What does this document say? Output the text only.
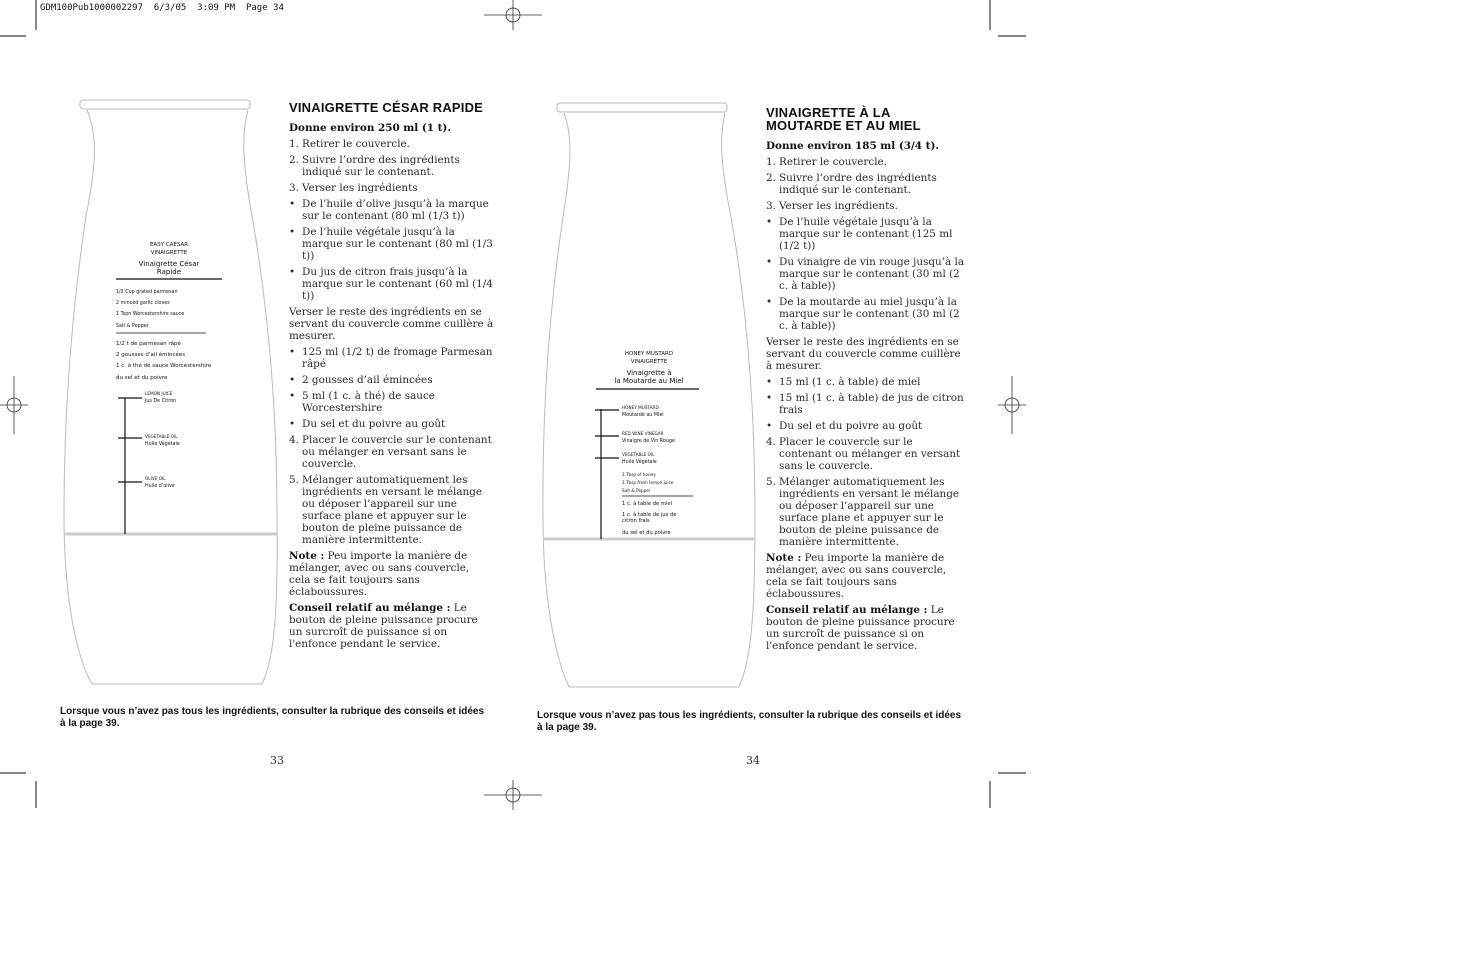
GDM100Pub1000002297 6/3/05 3:09 PM Page 34
EASY CAESAR
VINAIGRETTE
Vinaigrette César
Rapide
1/2 Cup grated parmesan
2 minced garlic cloves
1 Tspn Worcestershire sauce
Salt & Pepper
1/2 t de parmesan râpé
2 gousses d’ail émincées
1 c. à thé de sauce Worcestershire
du sel et du poivre
LEMON JUICE
Jus De Citron
VEGETABLE OIL
Huile Végétale
OLIVE OIL
Huile d’olive
HONEY MUSTARD
VINAIGRETTE
Vinaigrette à
la Moutarde au Miel
HONEY MUSTARD
Moutarde au Miel
RED WINE VINEGAR
Vinaigre de Vin Rouge
VEGETABLE OIL
Huile Végétale
1 Tbsp of honey
1 Tbsp fresh lemon juice
Salt & Pepper
1 c. à table de miel
1 c. à table de jus de
citron frais
du sel et du poivre
VINAIGRETTE CÉSAR RAPIDE
Donne environ 250 ml (1 t).
1. Retirer le couvercle.
2. Suivre l’ordre des ingrédients indiqué sur le contenant.
3. Verser les ingrédients
• De l’huile d’olive jusqu’à la marque sur le contenant (80 ml (1/3 t))
• De l’huile végétale jusqu’à la marque sur le contenant (80 ml (1/3 t))
• Du jus de citron frais jusqu’à la marque sur le contenant (60 ml (1/4 t))

Verser le reste des ingrédients en se servant du couvercle comme cuillère à mesurer.

• 125 ml (1/2 t) de fromage Parmesan râpé
• 2 gousses d’ail émincées
• 5 ml (1 c. à thé) de sauce Worcestershire
• Du sel et du poivre au goût
4. Placer le couvercle sur le contenant ou mélanger en versant sans le couvercle.
5. Mélanger automatiquement les ingrédients en versant le mélange ou déposer l’appareil sur une surface plane et appuyer sur le bouton de pleine puissance de manière intermittente.

Note : Peu importe la manière de mélanger, avec ou sans couvercle, cela se fait toujours sans éclaboussures.

Conseil relatif au mélange : Le bouton de pleine puissance procure un surcroît de puissance si on l'enfonce pendant le service.

VINAIGRETTE À LA
MOUTARDE ET AU MIEL
Donne environ 185 ml (3/4 t).
1. Retirer le couvercle.
2. Suivre l’ordre des ingrédients indiqué sur le contenant.
3. Verser les ingrédients.
• De l’huile végétale jusqu’à la marque sur le contenant (125 ml (1/2 t))
• Du vinaigre de vin rouge jusqu’à la marque sur le contenant (30 ml (2 c. à table))
• De la moutarde au miel jusqu’à la marque sur le contenant (30 ml (2 c. à table))

Verser le reste des ingrédients en se servant du couvercle comme cuillère à mesurer.

• 15 ml (1 c. à table) de miel
• 15 ml (1 c. à table) de jus de citron frais
• Du sel et du poivre au goût
4. Placer le couvercle sur le contenant ou mélanger en versant sans le couvercle.
5. Mélanger automatiquement les ingrédients en versant le mélange ou déposer l’appareil sur une surface plane et appuyer sur le bouton de pleine puissance de manière intermittente.

Note : Peu importe la manière de mélanger, avec ou sans couvercle, cela se fait toujours sans éclaboussures.

Conseil relatif au mélange : Le bouton de pleine puissance procure un surcroît de puissance si on l'enfonce pendant le service.

Lorsque vous n’avez pas tous les ingrédients, consulter la rubrique des conseils et idées à la page 39.
Lorsque vous n’avez pas tous les ingrédients, consulter la rubrique des conseils et idées à la page 39.
33	34
